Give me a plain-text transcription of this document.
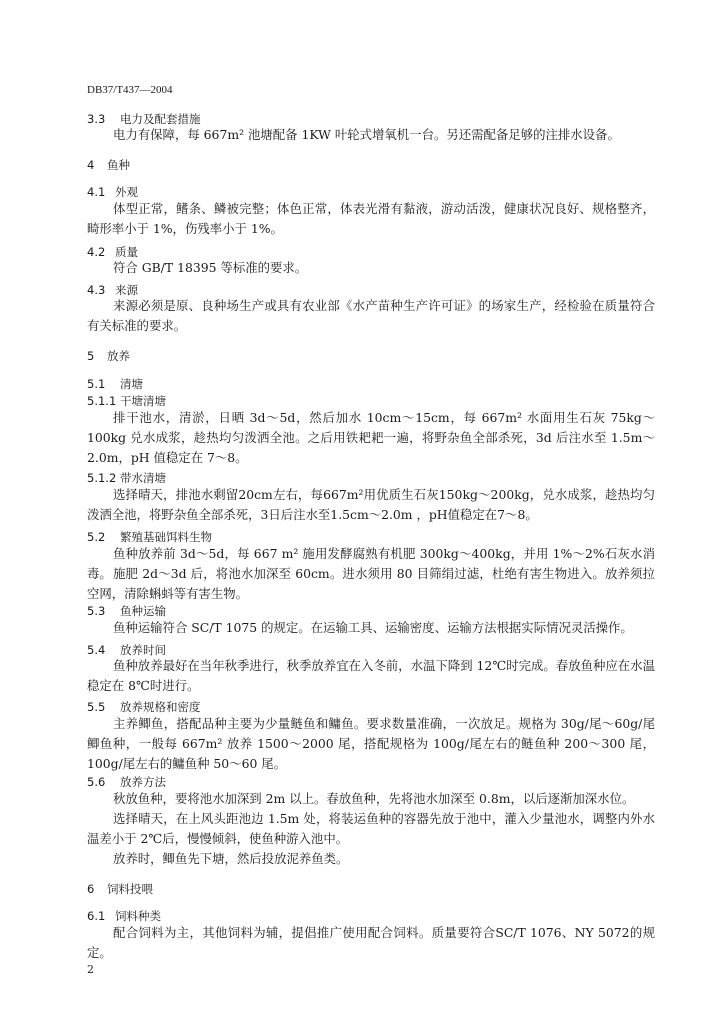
DB37/T437—2004
3.3 电力及配套措施

电力有保障，每 667m² 池塘配备 1KW 叶轮式增氧机一台。另还需配备足够的注排水设备。

4 鱼种
4.1 外观

体型正常，鳍条、鳞被完整；体色正常，体表光滑有黏液，游动活泼，健康状况良好、规格整齐，畸形率小于 1%，伤残率小于 1%。

4.2 质量

符合 GB/T 18395 等标准的要求。

4.3 来源

来源必须是原、良种场生产或具有农业部《水产苗种生产许可证》的场家生产，经检验在质量符合有关标准的要求。

5 放养
5.1 清塘
5.1.1 干塘清塘

排干池水，清淤，日晒 3d～5d，然后加水 10cm～15cm，每 667m² 水面用生石灰 75kg～100kg 兑水成浆，趁热均匀泼洒全池。之后用铁耙耙一遍，将野杂鱼全部杀死，3d 后注水至 1.5m～2.0m，pH 值稳定在 7～8。

5.1.2 带水清塘

选择晴天，排池水剩留20cm左右，每667m²用优质生石灰150kg～200kg，兑水成浆，趁热均匀泼洒全池，将野杂鱼全部杀死，3日后注水至1.5cm～2.0m ，pH值稳定在7～8。

5.2 繁殖基础饵料生物

鱼种放养前 3d～5d，每 667 m² 施用发酵腐熟有机肥 300kg～400kg，并用 1%～2%石灰水消毒。 施肥 2d～3d 后，将池水加深至 60cm。进水须用 80 目筛绢过滤，杜绝有害生物进入。放养须拉空网，清除蝌蚪等有害生物。

5.3 鱼种运输

鱼种运输符合 SC/T 1075 的规定。在运输工具、运输密度、运输方法根据实际情况灵活操作。

5.4 放养时间

鱼种放养最好在当年秋季进行，秋季放养宜在入冬前，水温下降到 12℃时完成。春放鱼种应在水温稳定在 8℃时进行。

5.5 放养规格和密度

主养鲫鱼，搭配品种主要为少量鲢鱼和鳙鱼。要求数量准确，一次放足。规格为 30g/尾～60g/尾鲫鱼种，一般每 667m² 放养 1500～2000 尾，搭配规格为 100g/尾左右的鲢鱼种 200～300 尾，100g/尾左右的鳙鱼种 50～60 尾。

5.6 放养方法

秋放鱼种，要将池水加深到 2m 以上。春放鱼种，先将池水加深至 0.8m，以后逐渐加深水位。

选择晴天，在上风头距池边 1.5m 处，将装运鱼种的容器先放于池中，灌入少量池水，调整内外水温差小于 2℃后，慢慢倾斜，使鱼种游入池中。

放养时，鲫鱼先下塘，然后投放泥养鱼类。

6 饲料投喂
6.1 饲料种类

配合饲料为主，其他饲料为辅，提倡推广使用配合饲料。质量要符合SC/T 1076、NY 5072的规定。

2
